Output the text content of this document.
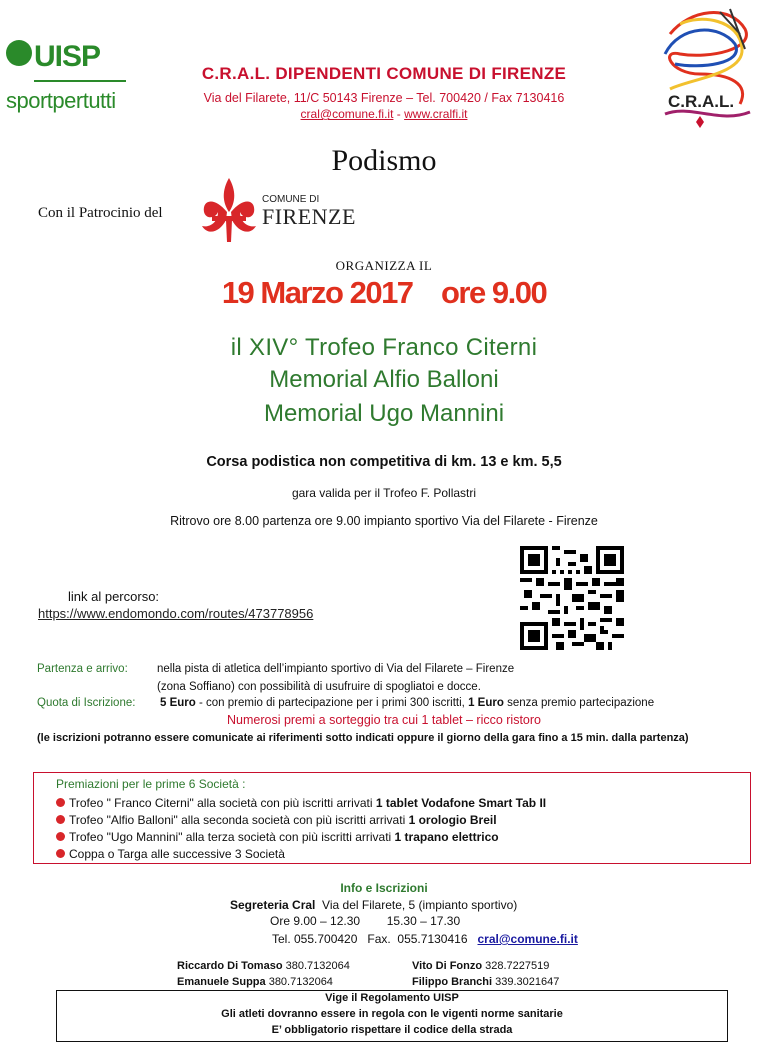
UISP
sportpertutti
C.R.A.L. DIPENDENTI COMUNE DI FIRENZE
Via del Filarete, 11/C 50143 Firenze – Tel. 700420 / Fax 7130416
cral@comune.fi.it - www.cralfi.it
C.R.A.L.
Podismo
Con il Patrocinio del
COMUNE DI
FIRENZE
ORGANIZZA IL
19 Marzo 2017    ore 9.00
il XIV° Trofeo Franco Citerni
Memorial Alfio Balloni
Memorial Ugo Mannini
Corsa podistica non competitiva di km. 13 e km. 5,5
gara valida per il Trofeo F. Pollastri
Ritrovo ore 8.00 partenza ore 9.00 impianto sportivo Via del Filarete - Firenze
link al percorso:
https://www.endomondo.com/routes/473778956
Partenza e arrivo:	nella pista di atletica dell’impianto sportivo di Via del Filarete – Firenze
(zona Soffiano) con possibilità di usufruire di spogliatoi e docce.
Quota di Iscrizione: 5 Euro - con premio di partecipazione per i primi 300 iscritti, 1 Euro senza premio partecipazione
Numerosi premi a sorteggio tra cui 1 tablet – ricco ristoro
(le iscrizioni potranno essere comunicate ai riferimenti sotto indicati oppure il giorno della gara fino a 15 min. dalla partenza)
Premiazioni per le prime 6 Società :
Trofeo " Franco Citerni" alla società con più iscritti arrivati 1 tablet Vodafone Smart Tab II
Trofeo "Alfio Balloni" alla seconda società con più iscritti arrivati 1 orologio Breil
Trofeo "Ugo Mannini" alla terza società con più iscritti arrivati 1 trapano elettrico
Coppa o Targa alle successive 3 Società
Info e Iscrizioni
Segreteria Cral  Via del Filarete, 5 (impianto sportivo)
Ore 9.00 – 12.30        15.30 – 17.30
Tel. 055.700420   Fax.  055.7130416   cral@comune.fi.it
Riccardo Di Tomaso 380.7132064	Vito Di Fonzo 328.7227519
Emanuele Suppa 380.7132064	Filippo Branchi 339.3021647
Vige il Regolamento UISP
Gli atleti dovranno essere in regola con le vigenti norme sanitarie
E’ obbligatorio rispettare il codice della strada
